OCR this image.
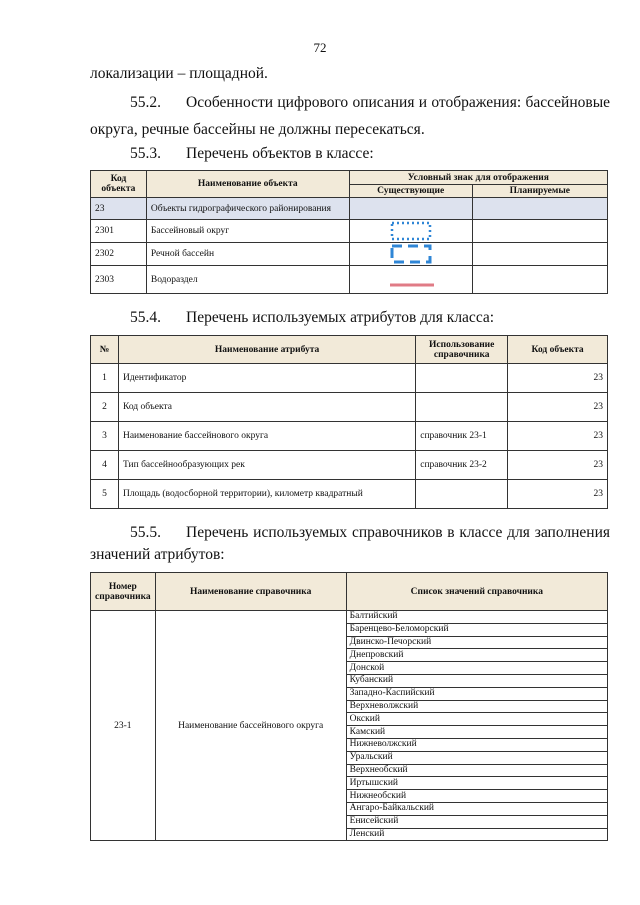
72
локализации – площадной.
55.2. Особенности цифрового описания и отображения: бассейновые
округа, речные бассейны не должны пересекаться.
55.3. Перечень объектов в классе:
Код объекта	Наименование объекта	Условный знак для отображения	
		Существующие	Планируемые
23	Объекты гидрографического районирования		
2301	Бассейновый округ	

2302	Речной бассейн	

2303	Водораздел	

55.4. Перечень используемых атрибутов для класса:
№	Наименование атрибута	Использование справочника	Код объекта
1	Идентификатор		23
2	Код объекта		23
3	Наименование бассейнового округа	справочник 23-1	23
4	Тип бассейнообразующих рек	справочник 23-2	23
5	Площадь (водосборной территории), километр квадратный		23
55.5. Перечень используемых справочников в классе для заполнения
значений атрибутов:
Номер справочника	Наименование справочника	Список значений справочника
23-1	Наименование бассейнового округа	Балтийский
		Баренцево-Беломорский
		Двинско-Печорский
		Днепровский
		Донской
		Кубанский
		Западно-Каспийский
		Верхневолжский
		Окский
		Камский
		Нижневолжский
		Уральский
		Верхнеобский
		Иртышский
		Нижнеобский
		Ангаро-Байкальский
		Енисейский
		Ленский
